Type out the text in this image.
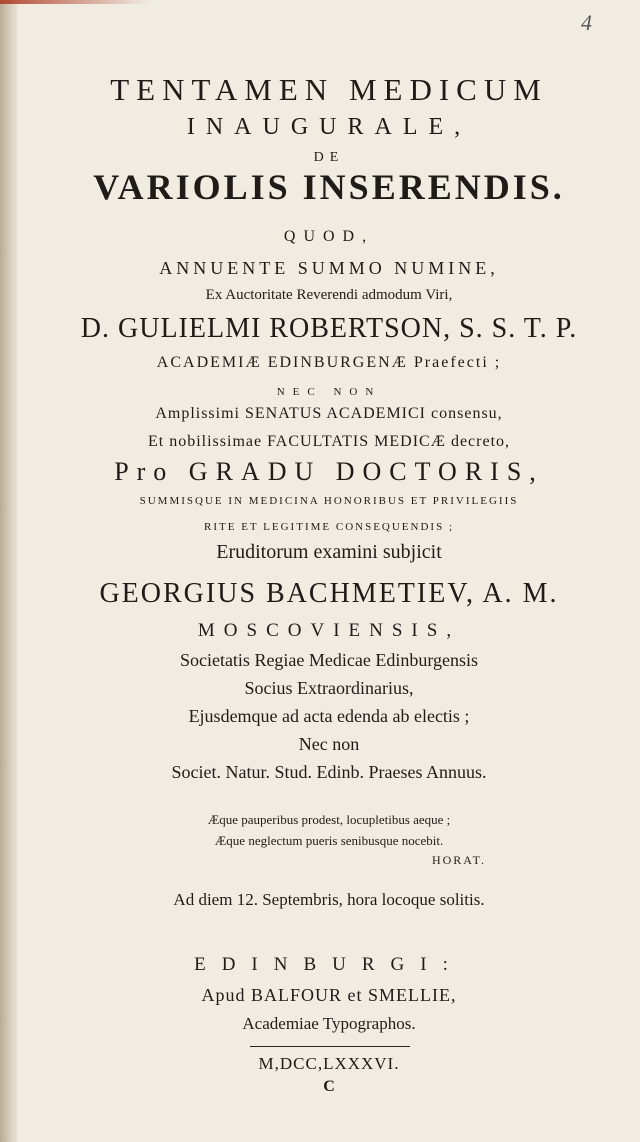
4
TENTAMEN MEDICUM
INAUGURALE,
DE
VARIOLIS INSERENDIS.
QUOD,
ANNUENTE SUMMO NUMINE,
Ex Auctoritate Reverendi admodum Viri,
D. GULIELMI ROBERTSON, S. S. T. P.
ACADEMIÆ EDINBURGENÆ Praefecti ;
NEC NON
Amplissimi SENATUS ACADEMICI consensu,
Et nobilissimae FACULTATIS MEDICÆ decreto,
Pro GRADU DOCTORIS,
SUMMISQUE IN MEDICINA HONORIBUS ET PRIVILEGIIS
RITE ET LEGITIME CONSEQUENDIS ;
Eruditorum examini subjicit
GEORGIUS BACHMETIEV, A. M.
MOSCOVIENSIS,
Societatis Regiae Medicae Edinburgensis
Socius Extraordinarius,
Ejusdemque ad acta edenda ab electis ;
Nec non
Societ. Natur. Stud. Edinb. Praeses Annuus.
Æque pauperibus prodest, locupletibus aeque ;
Æque neglectum pueris senibusque nocebit.
HORAT.
Ad diem 12. Septembris, hora locoque solitis.
EDINBURGI:
Apud BALFOUR et SMELLIE,
Academiae Typographos.
M,DCC,LXXXVI.
C
